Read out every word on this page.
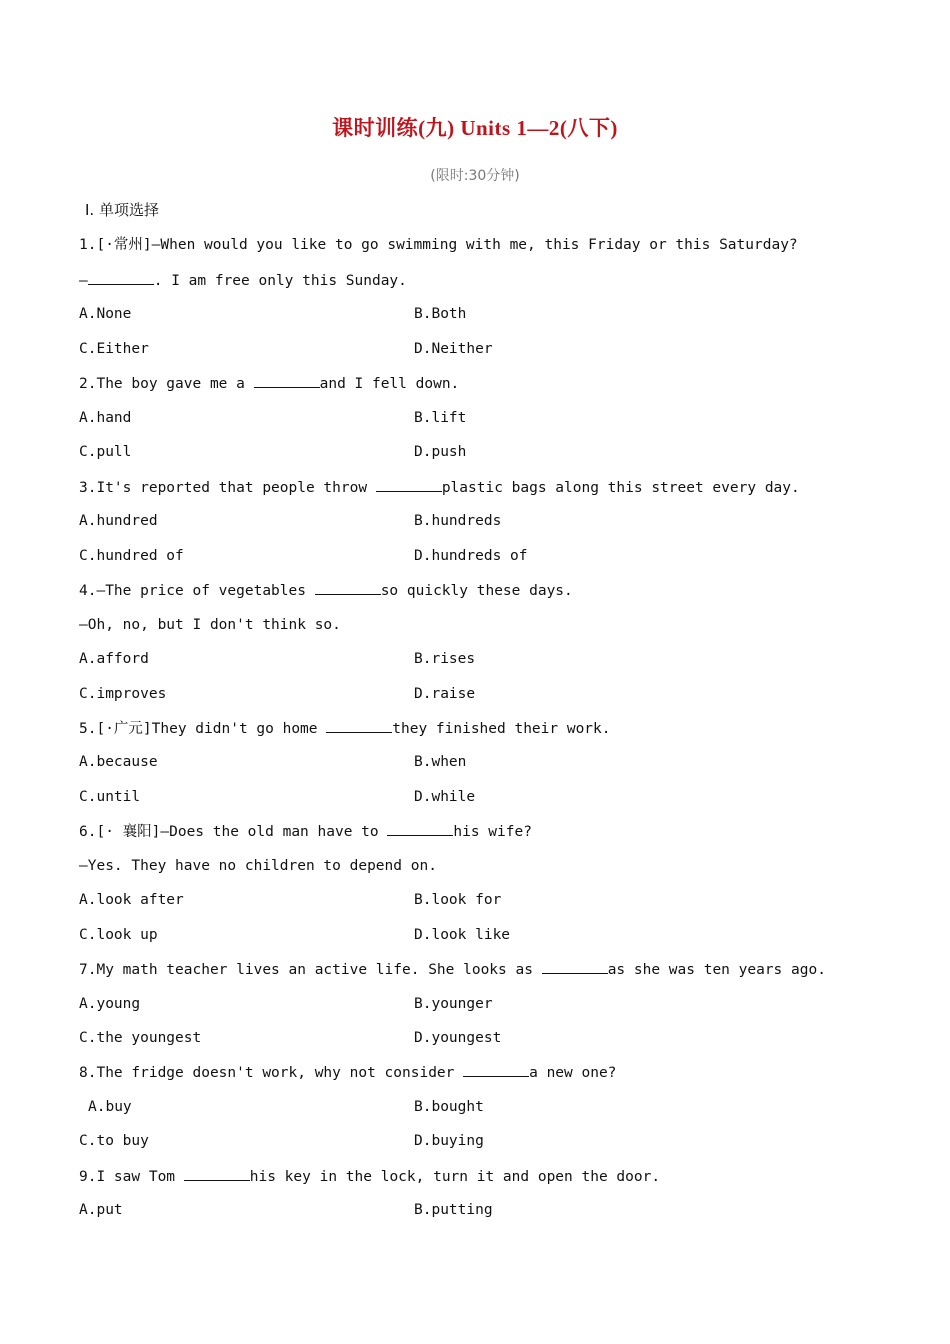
课时训练(九) Units 1—2(八下)
(限时:30分钟)
Ⅰ. 单项选择
1.[·常州]—When would you like to go swimming with me, this Friday or this Saturday?
—	. I am free only this Sunday.
A.None	B.Both
C.Either	D.Neither
2.The boy gave me a	and I fell down.
A.hand	B.lift
C.pull	D.push
3.It's reported that people throw	plastic bags along this street every day.
A.hundred	B.hundreds
C.hundred of	D.hundreds of
4.—The price of vegetables	so quickly these days.
—Oh, no, but I don't think so.
A.afford	B.rises
C.improves	D.raise
5.[·广元]They didn't go home	they finished their work.
A.because	B.when
C.until	D.while
6.[· 襄阳]—Does the old man have to	his wife?
—Yes. They have no children to depend on.
A.look after	B.look for
C.look up	D.look like
7.My math teacher lives an active life. She looks as	as she was ten years ago.
A.young	B.younger
C.the youngest	D.youngest
8.The fridge doesn't work, why not consider	a new one?
A.buy	B.bought
C.to buy	D.buying
9.I saw Tom	his key in the lock, turn it and open the door.
A.put	B.putting
